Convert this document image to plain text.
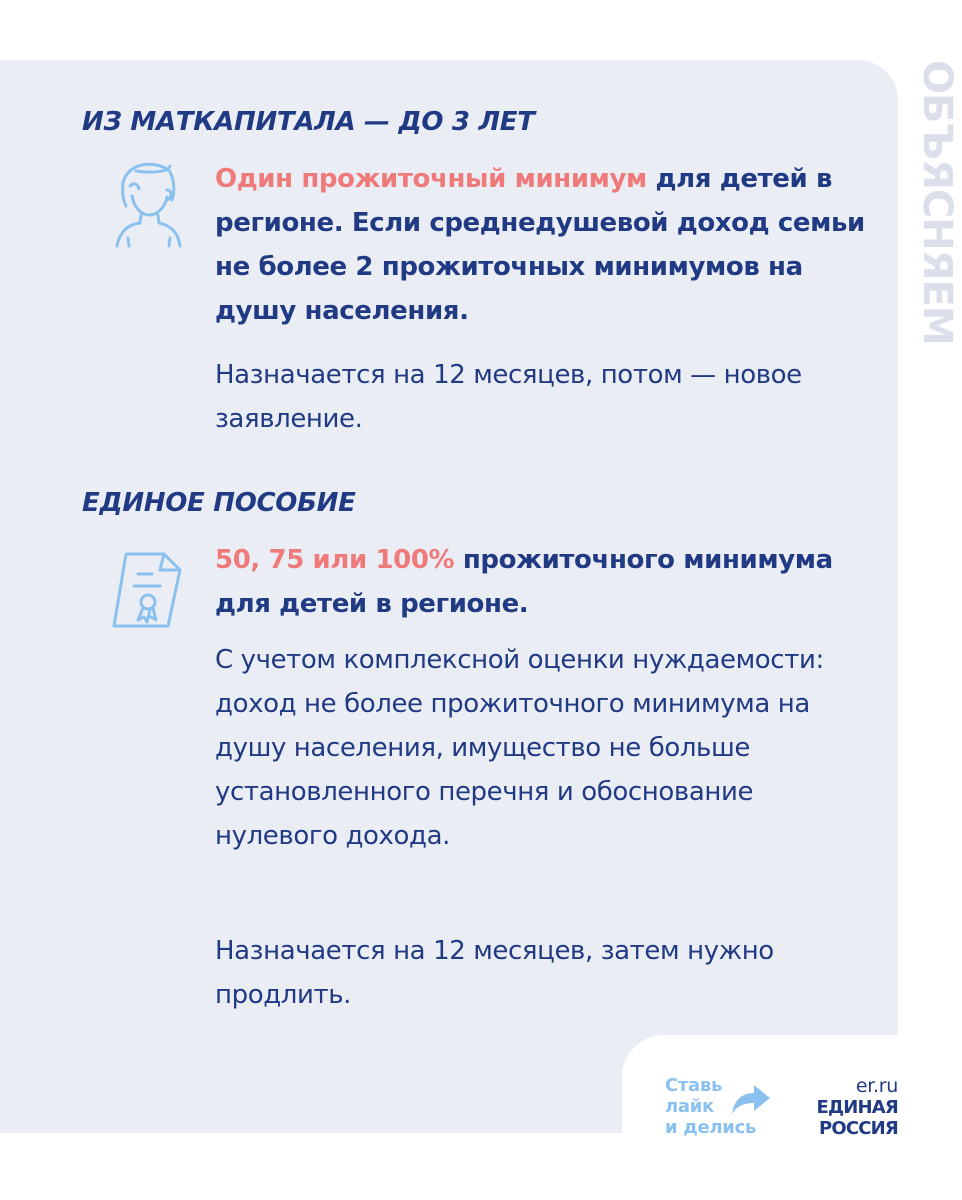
ОБЪЯСНЯЕМ
ИЗ МАТКАПИТАЛА — ДО 3 ЛЕТ

Один прожиточный минимум для детей в регионе. Если среднедушевой доход семьи не более 2 прожиточных минимумов на душу населения.

Назначается на 12 месяцев, потом — новое заявление.

ЕДИНОЕ ПОСОБИЕ

50, 75 или 100% прожиточного минимума для детей в регионе.

С учетом комплексной оценки нуждаемости: доход не более прожиточного минимума на душу населения, имущество не больше установленного перечня и обоснование нулевого дохода.

Назначается на 12 месяцев, затем нужно продлить.

Ставь
лайк
и делись
er.ru
ЕДИНАЯ
РОССИЯ
